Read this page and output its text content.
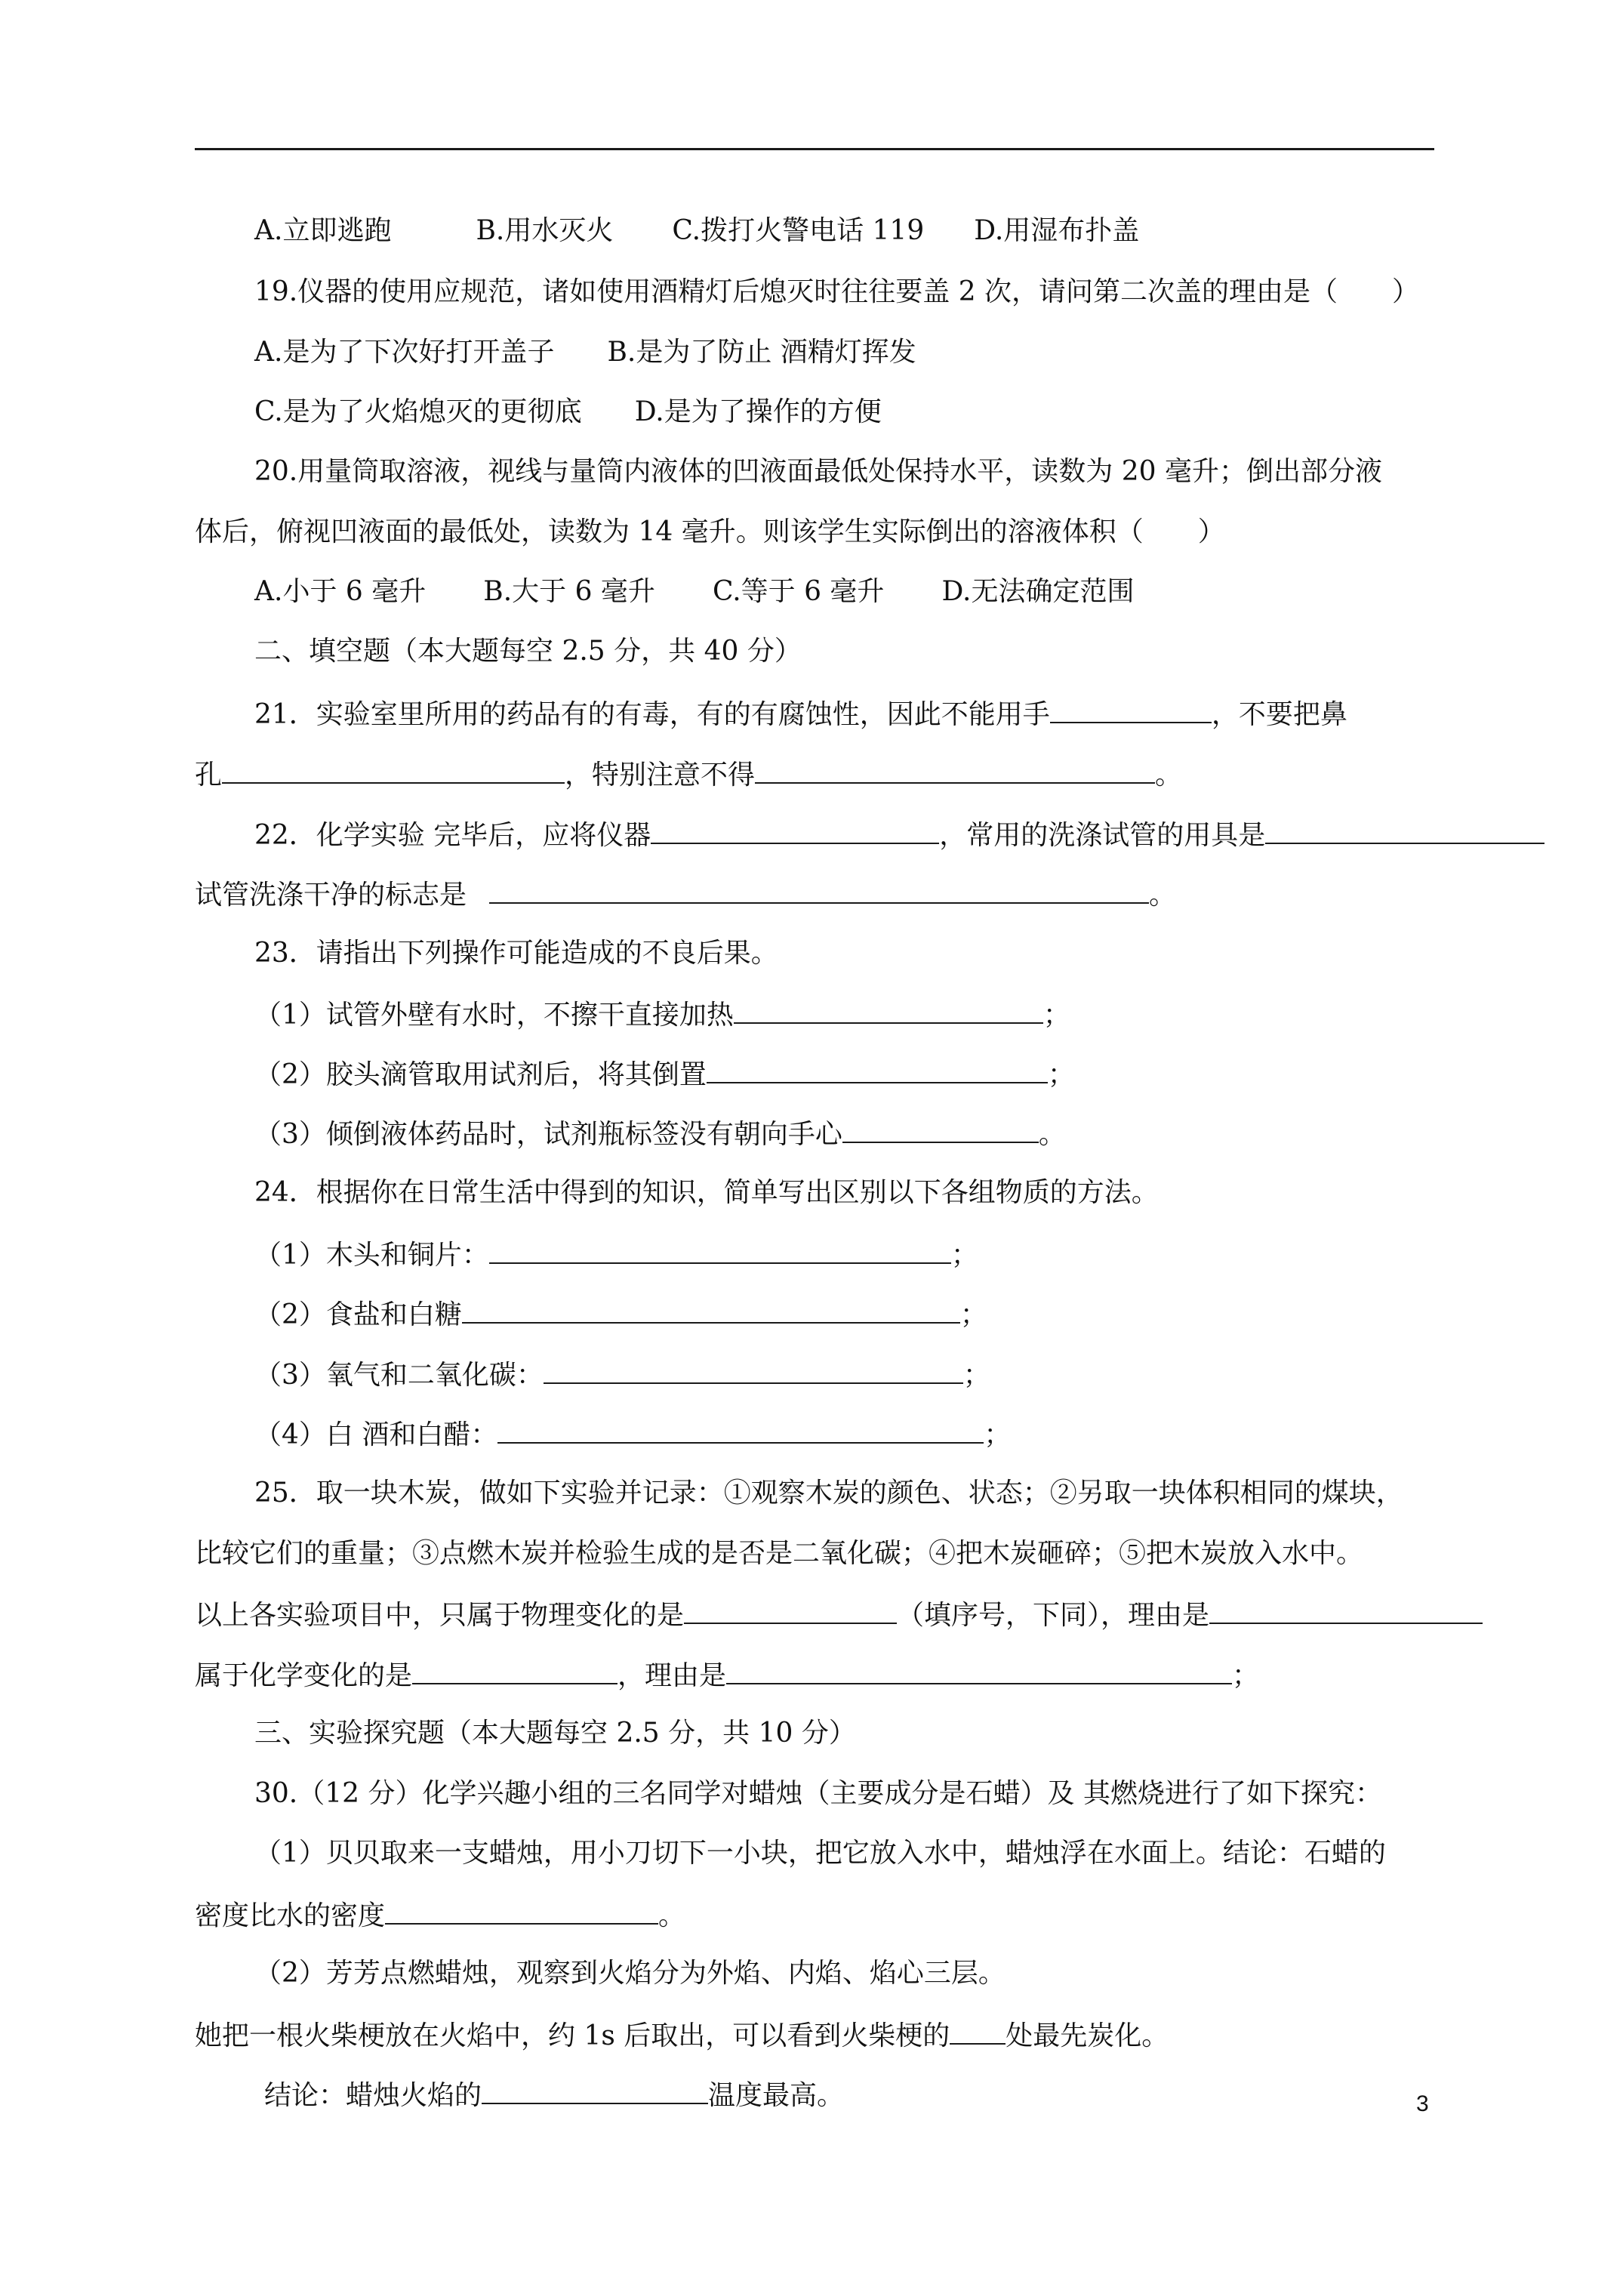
A.立即逃跑	B.用水灭火 C.拨打火警电话 119 D.用湿布扑盖
19.仪器的使用应规范，诸如使用酒精灯后熄灭时往往要盖 2 次，请问第二次盖的理由是（　　）
A.是为了下次好打开盖子 B.是为了防止 酒精灯挥发
C.是为了火焰熄灭的更彻底 D.是为了操作的方便
20.用量筒取溶液，视线与量筒内液体的凹液面最低处保持水平，读数为 20 毫升；倒出部分液
体后，俯视凹液面的最低处，读数为 14 毫升。则该学生实际倒出的溶液体积（　　）
A.小于 6 毫升 B.大于 6 毫升 C.等于 6 毫升 D.无法确定范围
二、填空题（本大题每空 2.5 分，共 40 分）
21．实验室里所用的药品有的有毒，有的有腐蚀性，因此不能用手	，不要把鼻
孔	，特别注意不得	。
22．化学实验 完毕后，应将仪器	，常用的洗涤试管的用具是
试管洗涤干净的标志是	。
23．请指出下列操作可能造成的不良后果。
（1）试管外壁有水时，不擦干直接加热	；
（2）胶头滴管取用试剂后，将其倒置	；
（3）倾倒液体药品时，试剂瓶标签没有朝向手心	。
24．根据你在日常生活中得到的知识，简单写出区别以下各组物质的方法。
（1）木头和铜片：	；
（2）食盐和白糖	；
（3）氧气和二氧化碳：	；
（4）白 酒和白醋：	；
25．取一块木炭，做如下实验并记录：①观察木炭的颜色、状态；②另取一块体积相同的煤块，
比较它们的重量；③点燃木炭并检验生成的是否是二氧化碳；④把木炭砸碎；⑤把木炭放入水中。
以上各实验项目中，只属于物理变化的是	（填序号，下同），理由是
属于化学变化的是	，理由是	；
三、实验探究题（本大题每空 2.5 分，共 10 分）
30.（12 分）化学兴趣小组的三名同学对蜡烛（主要成分是石蜡）及 其燃烧进行了如下探究：
（1）贝贝取来一支蜡烛，用小刀切下一小块，把它放入水中，蜡烛浮在水面上。结论：石蜡的
密度比水的密度	。
（2）芳芳点燃蜡烛，观察到火焰分为外焰、内焰、焰心三层。
她把一根火柴梗放在火焰中，约 1s 后取出，可以看到火柴梗的 处最先炭化。
结论：蜡烛火焰的	温度最高。	3
